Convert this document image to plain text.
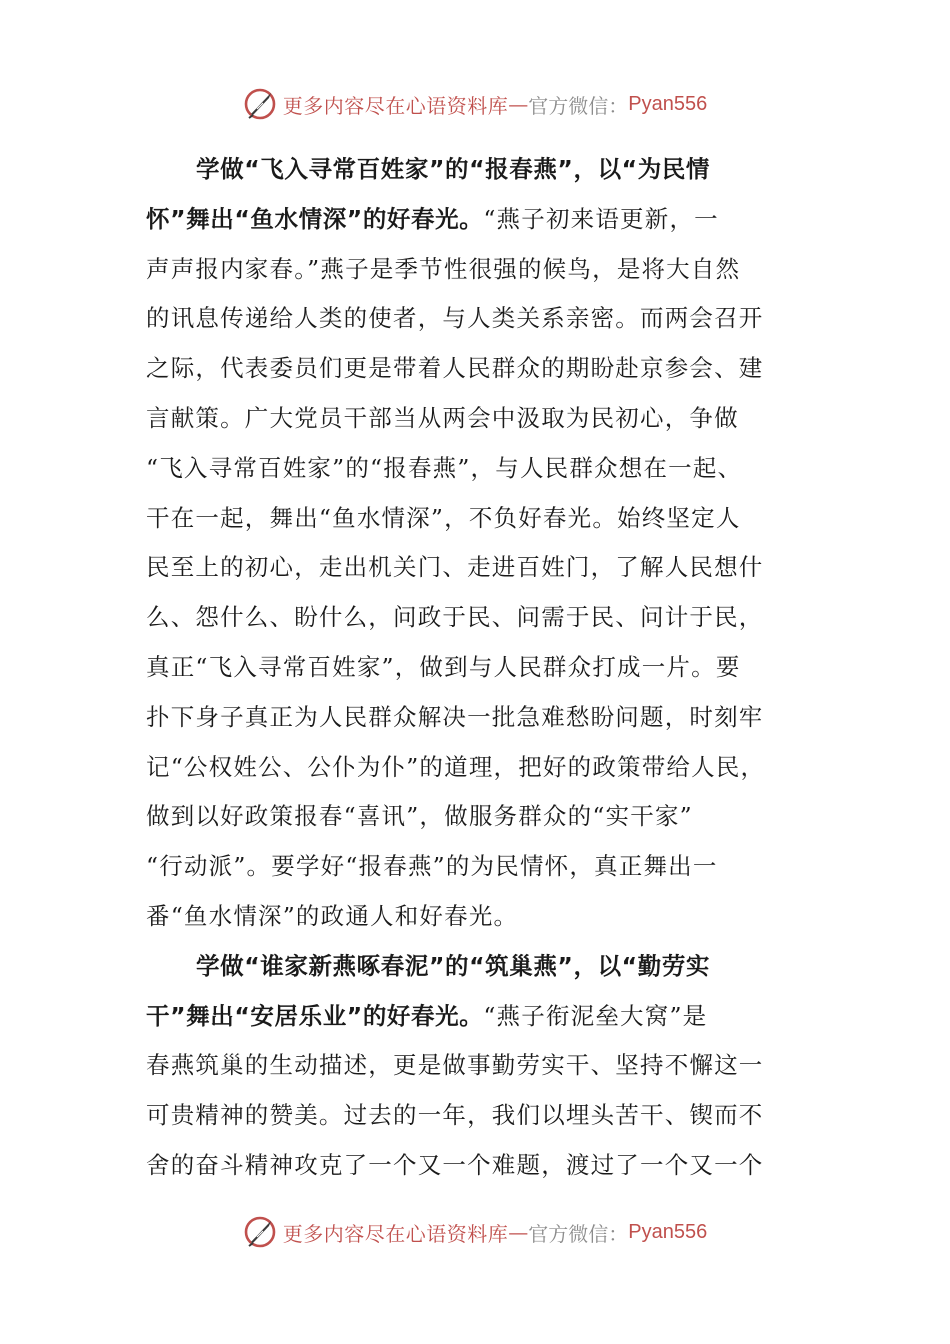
更多内容尽在心语资料库 — 官方微信： Pyan556
学做“飞入寻常百姓家”的“报春燕”，以“为民情
怀”舞出“鱼水情深”的好春光。“燕子初来语更新，一
声声报内家春。”燕子是季节性很强的候鸟，是将大自然
的讯息传递给人类的使者，与人类关系亲密。而两会召开
之际，代表委员们更是带着人民群众的期盼赴京参会、建
言献策。广大党员干部当从两会中汲取为民初心，争做
“飞入寻常百姓家”的“报春燕”，与人民群众想在一起、
干在一起，舞出“鱼水情深”，不负好春光。始终坚定人
民至上的初心，走出机关门、走进百姓门，了解人民想什
么、怨什么、盼什么，问政于民、问需于民、问计于民，
真正“飞入寻常百姓家”，做到与人民群众打成一片。要
扑下身子真正为人民群众解决一批急难愁盼问题，时刻牢
记“公权姓公、公仆为仆”的道理，把好的政策带给人民，
做到以好政策报春“喜讯”，做服务群众的“实干家”
“行动派”。要学好“报春燕”的为民情怀，真正舞出一
番“鱼水情深”的政通人和好春光。
学做“谁家新燕啄春泥”的“筑巢燕”，以“勤劳实
干”舞出“安居乐业”的好春光。“燕子衔泥垒大窝”是
春燕筑巢的生动描述，更是做事勤劳实干、坚持不懈这一
可贵精神的赞美。过去的一年，我们以埋头苦干、锲而不
舍的奋斗精神攻克了一个又一个难题，渡过了一个又一个
更多内容尽在心语资料库 — 官方微信： Pyan556
